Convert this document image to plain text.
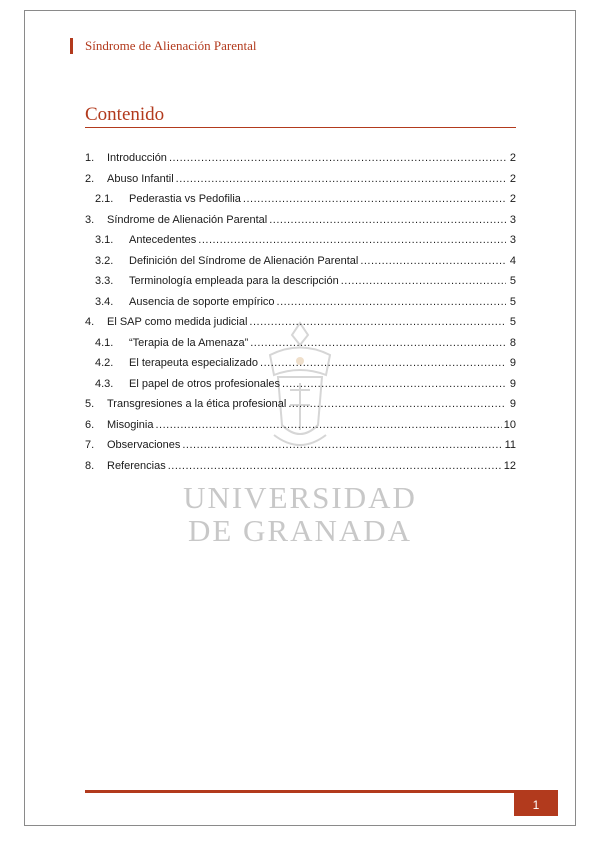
Síndrome de Alienación Parental
UNIVERSIDAD
DE GRANADA
Contenido
1.	Introducción .....	2
2.	Abuso Infantil .....	2
2.1.	Pederastia vs Pedofilia .....	2
3.	Síndrome de Alienación Parental .....	3
3.1.	Antecedentes .....	3
3.2.	Definición del Síndrome de Alienación Parental .....	4
3.3.	Terminología empleada para la descripción .....	5
3.4.	Ausencia de soporte empírico .....	5
4.	El SAP como medida judicial .....	5
4.1.	“Terapia de la Amenaza” .....	8
4.2.	El terapeuta especializado .....	9
4.3.	El papel de otros profesionales .....	9
5.	Transgresiones a la ética profesional .....	9
6.	Misoginia .....	10
7.	Observaciones .....	11
8.	Referencias .....	12
1
